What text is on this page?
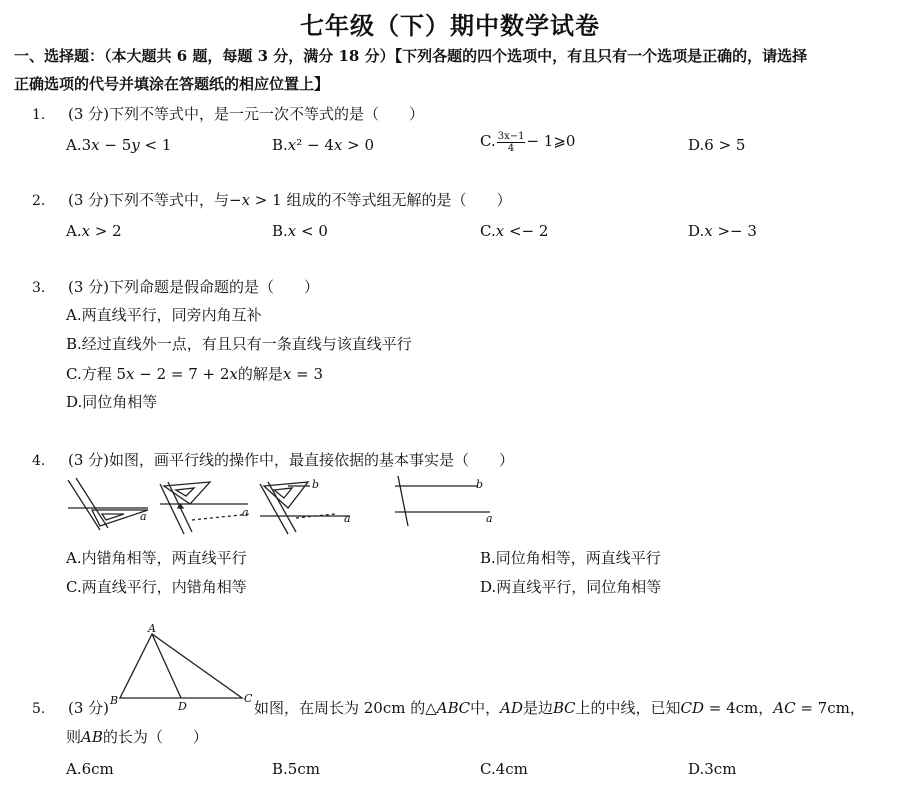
七年级（下）期中数学试卷
一、选择题：（本大题共 6 题，每题 3 分，满分 18 分）【下列各题的四个选项中，有且只有一个选项是正确的，请选择
正确选项的代号并填涂在答题纸的相应位置上】
1. (3 分)下列不等式中，是一元一次不等式的是（　　）
A.3𝑥 − 5𝑦 < 1	B.𝑥² − 4𝑥 > 0	C. $\frac{3x-1}{4}$ − 1⩾0	D.6 > 5
2. (3 分)下列不等式中，与−𝑥 > 1 组成的不等式组无解的是（　　）
A.𝑥 > 2	B.𝑥 < 0	C.𝑥 <− 2	D.𝑥 >− 3
3. (3 分)下列命题是假命题的是（　　）
A.两直线平行，同旁内角互补
B.经过直线外一点，有且只有一条直线与该直线平行
C.方程 5𝑥 − 2 = 7 + 2𝑥的解是𝑥 = 3
D.同位角相等
4. (3 分)如图，画平行线的操作中，最直接依据的基本事实是（　　）
a	a
b
a
b
a
A.内错角相等，两直线平行	B.同位角相等，两直线平行
C.两直线平行，内错角相等	D.两直线平行，同位角相等
A
B	C
D
5. (3 分)	如图，在周长为 20cm 的△𝐴𝐵𝐶中，𝐴𝐷是边𝐵𝐶上的中线，已知𝐶𝐷 = 4cm，𝐴𝐶 = 7cm，
则𝐴𝐵的长为（　　）
A.6cm	B.5cm	C.4cm	D.3cm
